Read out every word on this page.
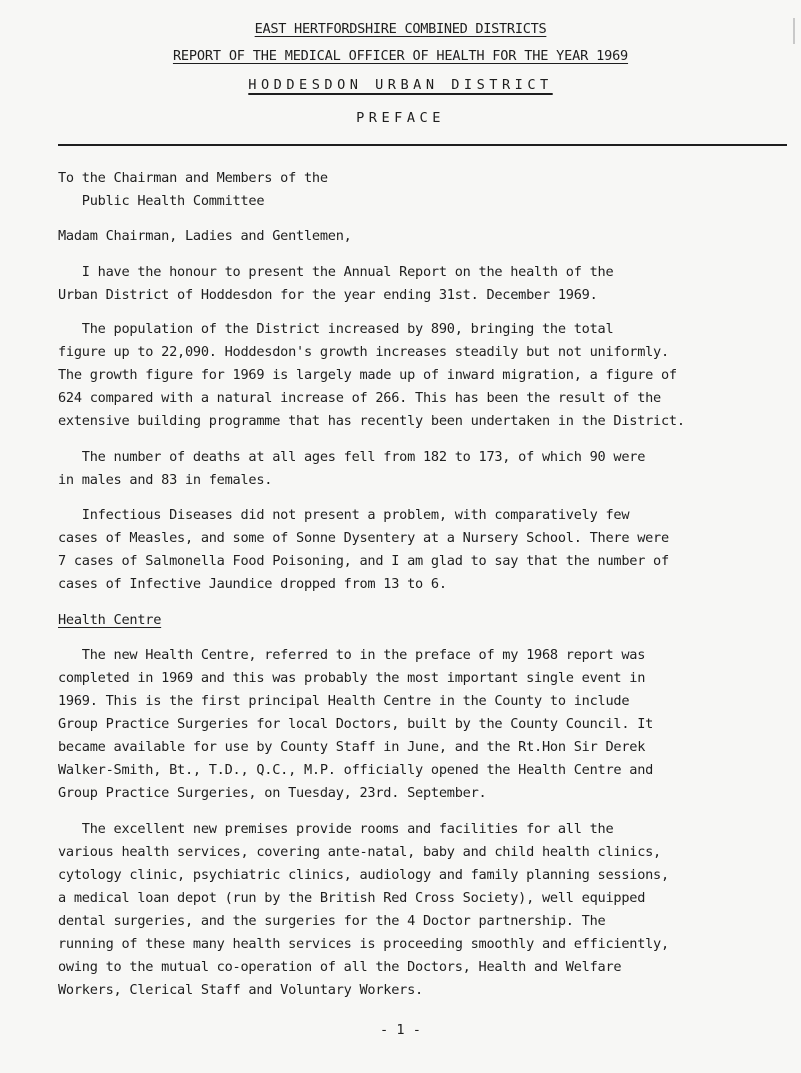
EAST HERTFORDSHIRE COMBINED DISTRICTS
REPORT OF THE MEDICAL OFFICER OF HEALTH FOR THE YEAR 1969
HODDESDON URBAN DISTRICT
PREFACE
To the Chairman and Members of the
Public Health Committee
Madam Chairman, Ladies and Gentlemen,
I have the honour to present the Annual Report on the health of the
Urban District of Hoddesdon for the year ending 31st. December 1969.
The population of the District increased by 890, bringing the total
figure up to 22,090. Hoddesdon's growth increases steadily but not uniformly.
The growth figure for 1969 is largely made up of inward migration, a figure of
624 compared with a natural increase of 266. This has been the result of the
extensive building programme that has recently been undertaken in the District.
The number of deaths at all ages fell from 182 to 173, of which 90 were
in males and 83 in females.
Infectious Diseases did not present a problem, with comparatively few
cases of Measles, and some of Sonne Dysentery at a Nursery School. There were
7 cases of Salmonella Food Poisoning, and I am glad to say that the number of
cases of Infective Jaundice dropped from 13 to 6.
Health Centre
The new Health Centre, referred to in the preface of my 1968 report was
completed in 1969 and this was probably the most important single event in
1969. This is the first principal Health Centre in the County to include
Group Practice Surgeries for local Doctors, built by the County Council. It
became available for use by County Staff in June, and the Rt.Hon Sir Derek
Walker-Smith, Bt., T.D., Q.C., M.P. officially opened the Health Centre and
Group Practice Surgeries, on Tuesday, 23rd. September.
The excellent new premises provide rooms and facilities for all the
various health services, covering ante-natal, baby and child health clinics,
cytology clinic, psychiatric clinics, audiology and family planning sessions,
a medical loan depot (run by the British Red Cross Society), well equipped
dental surgeries, and the surgeries for the 4 Doctor partnership. The
running of these many health services is proceeding smoothly and efficiently,
owing to the mutual co-operation of all the Doctors, Health and Welfare
Workers, Clerical Staff and Voluntary Workers.
- 1 -
